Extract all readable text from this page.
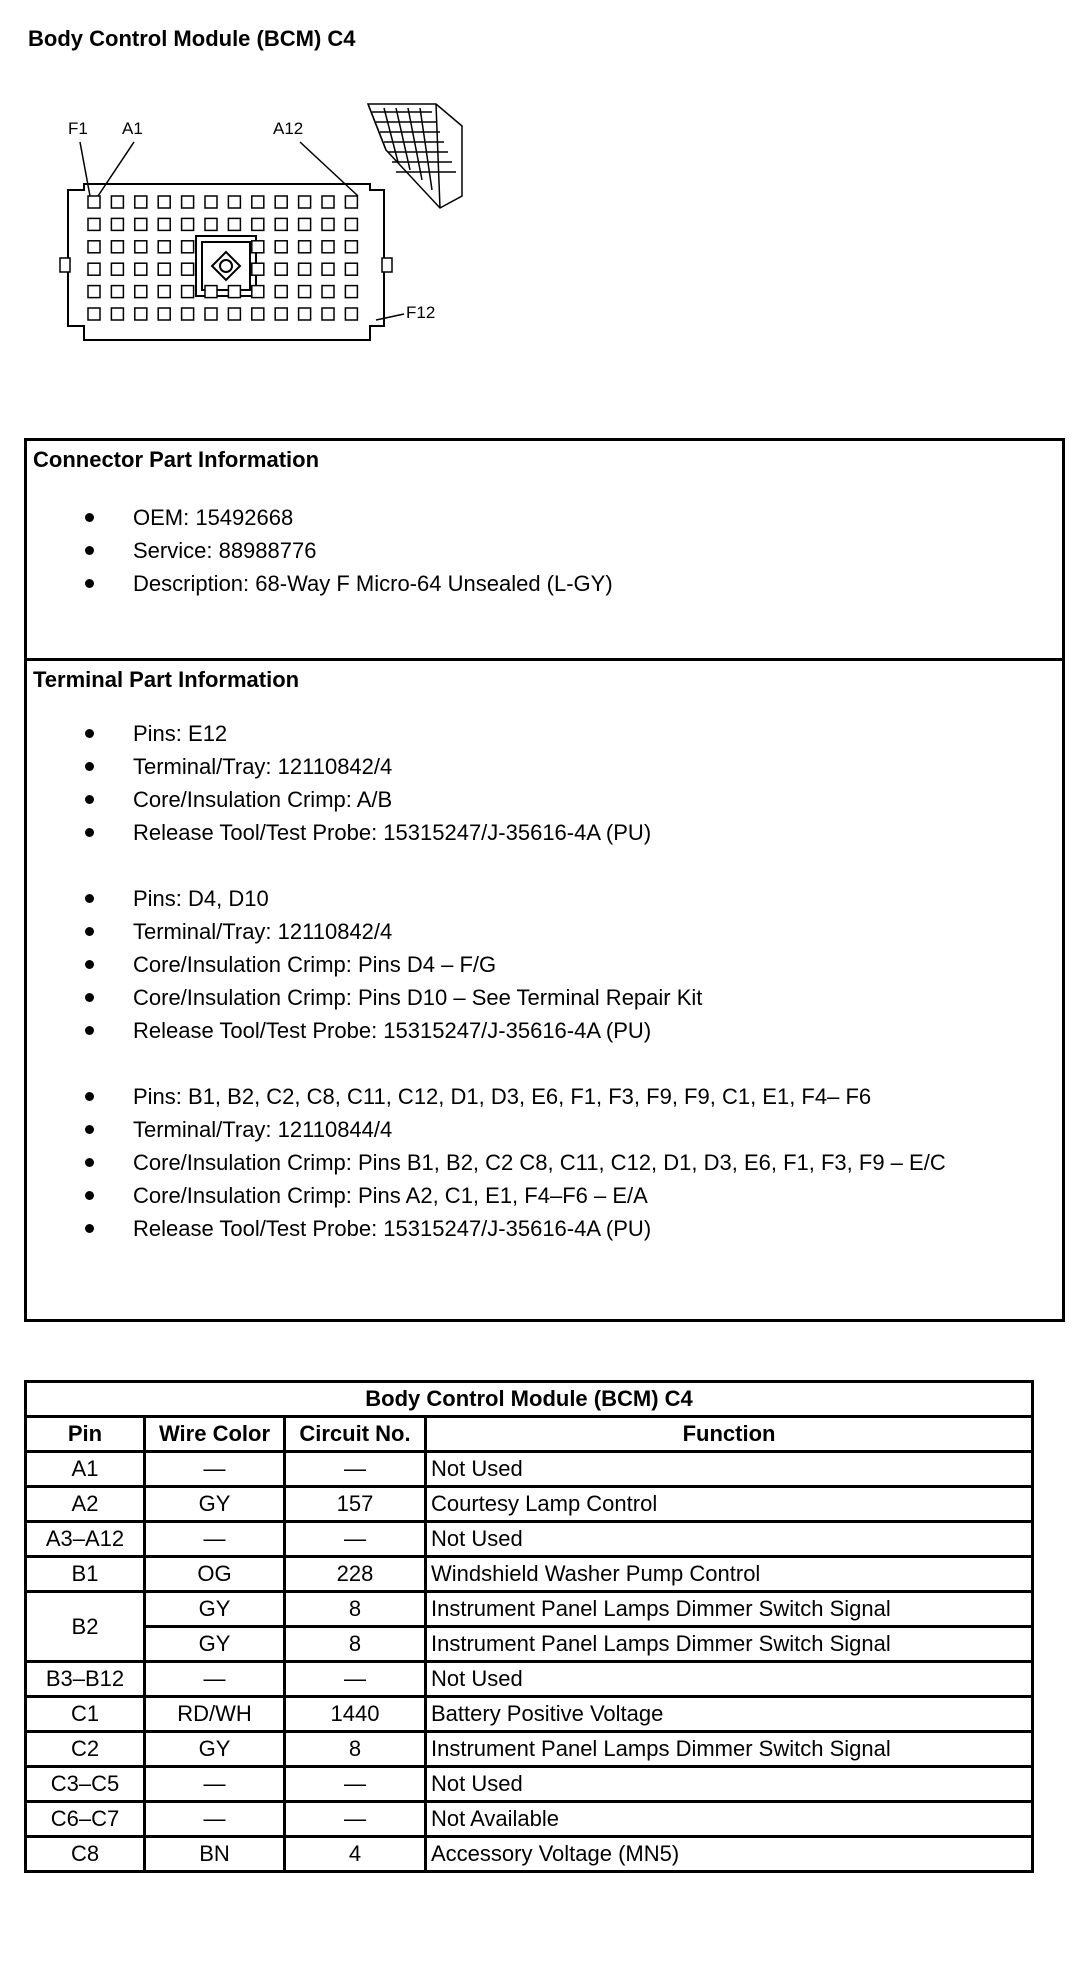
Body Control Module (BCM) C4
F1 A1	A12
F12
Connector Part Information
OEM: 15492668
Service: 88988776
Description: 68-Way F Micro-64 Unsealed (L-GY)
Terminal Part Information
Pins: E12
Terminal/Tray: 12110842/4
Core/Insulation Crimp: A/B
Release Tool/Test Probe: 15315247/J-35616-4A (PU)
Pins: D4, D10
Terminal/Tray: 12110842/4
Core/Insulation Crimp: Pins D4 – F/G
Core/Insulation Crimp: Pins D10 – See Terminal Repair Kit
Release Tool/Test Probe: 15315247/J-35616-4A (PU)
Pins: B1, B2, C2, C8, C11, C12, D1, D3, E6, F1, F3, F9, F9, C1, E1, F4– F6
Terminal/Tray: 12110844/4
Core/Insulation Crimp: Pins B1, B2, C2 C8, C11, C12, D1, D3, E6, F1, F3, F9 – E/C
Core/Insulation Crimp: Pins A2, C1, E1, F4–F6 – E/A
Release Tool/Test Probe: 15315247/J-35616-4A (PU)
Body Control Module (BCM) C4			
Pin	Wire Color	Circuit No.	Function
A1	—	—	Not Used
A2	GY	157	Courtesy Lamp Control
A3–A12	—	—	Not Used
B1	OG	228	Windshield Washer Pump Control
B2	GY	8	Instrument Panel Lamps Dimmer Switch Signal
	GY	8	Instrument Panel Lamps Dimmer Switch Signal
B3–B12	—	—	Not Used
C1	RD/WH	1440	Battery Positive Voltage
C2	GY	8	Instrument Panel Lamps Dimmer Switch Signal
C3–C5	—	—	Not Used
C6–C7	—	—	Not Available
C8	BN	4	Accessory Voltage (MN5)
